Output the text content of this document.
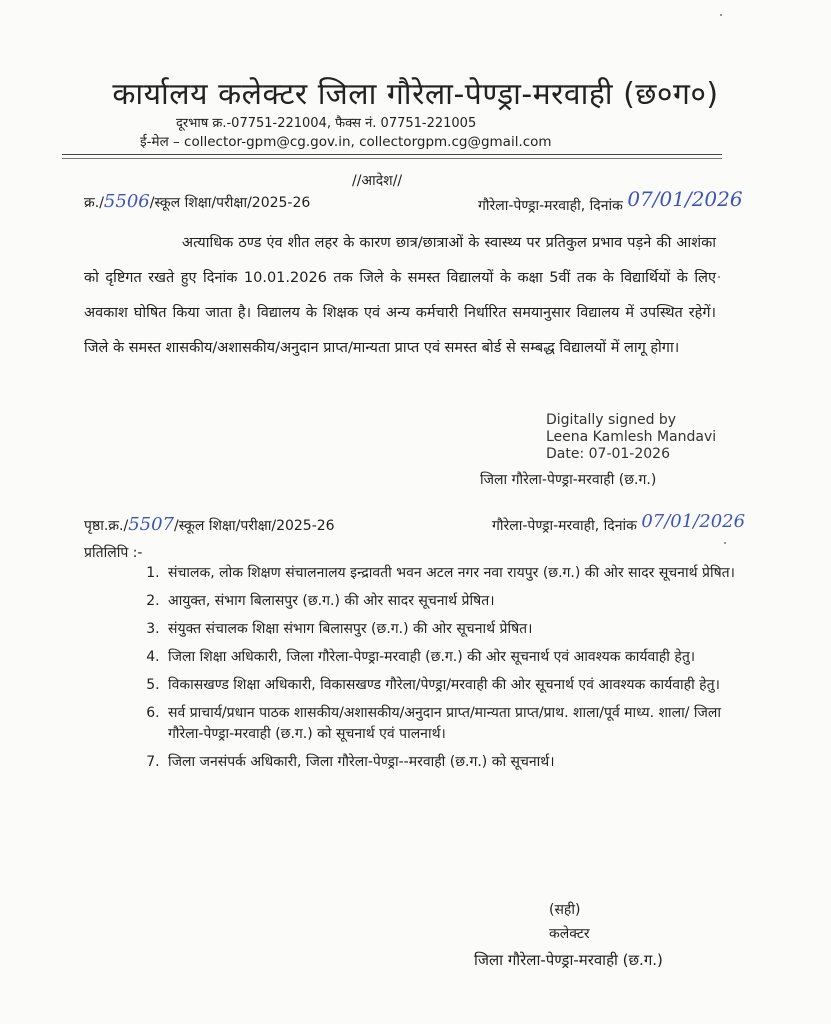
कार्यालय कलेक्टर जिला गौरेला-पेण्ड्रा-मरवाही (छ०ग०)
दूरभाष क्र.-07751-221004, फैक्स नं. 07751-221005
ई-मेल – collector-gpm@cg.gov.in, collectorgpm.cg@gmail.com
//आदेश//
क्र./5506/स्कूल शिक्षा/परीक्षा/2025-26	गौरेला-पेण्ड्रा-मरवाही, दिनांक 07/01/2026
अत्याधिक ठण्ड एंव शीत लहर के कारण छात्र/छात्राओं के स्वास्थ्य पर प्रतिकुल प्रभाव पड़ने की आशंका को दृष्टिगत रखते हुए दिनांक 10.01.2026 तक जिले के समस्त विद्यालयों के कक्षा 5वीं तक के विद्यार्थियों के लिए अवकाश घोषित किया जाता है। विद्यालय के शिक्षक एवं अन्य कर्मचारी निर्धारित समयानुसार विद्यालय में उपस्थित रहेगें। जिले के समस्त शासकीय/अशासकीय/अनुदान प्राप्त/मान्यता प्राप्त एवं समस्त बोर्ड से सम्बद्ध विद्यालयों में लागू होगा।
Digitally signed by
Leena Kamlesh Mandavi
Date: 07-01-2026
जिला गौरेला-पेण्ड्रा-मरवाही (छ.ग.)
पृष्ठा.क्र./5507/स्कूल शिक्षा/परीक्षा/2025-26	गौरेला-पेण्ड्रा-मरवाही, दिनांक 07/01/2026
प्रतिलिपि :-
1. संचालक, लोक शिक्षण संचालनालय इन्द्रावती भवन अटल नगर नवा रायपुर (छ.ग.) की ओर सादर सूचनार्थ प्रेषित।
2. आयुक्त, संभाग बिलासपुर (छ.ग.) की ओर सादर सूचनार्थ प्रेषित।
3. संयुक्त संचालक शिक्षा संभाग बिलासपुर (छ.ग.) की ओर सूचनार्थ प्रेषित।
4. जिला शिक्षा अधिकारी, जिला गौरेला-पेण्ड्रा-मरवाही (छ.ग.) की ओर सूचनार्थ एवं आवश्यक कार्यवाही हेतु।
5. विकासखण्ड शिक्षा अधिकारी, विकासखण्ड गौरेला/पेण्ड्रा/मरवाही की ओर सूचनार्थ एवं आवश्यक कार्यवाही हेतु।
6. सर्व प्राचार्य/प्रधान पाठक शासकीय/अशासकीय/अनुदान प्राप्त/मान्यता प्राप्त/प्राथ. शाला/पूर्व माध्य. शाला/ जिला गौरेला-पेण्ड्रा-मरवाही (छ.ग.) को सूचनार्थ एवं पालनार्थ।
7. जिला जनसंपर्क अधिकारी, जिला गौरेला-पेण्ड्रा--मरवाही (छ.ग.) को सूचनार्थ।
(सही)
कलेक्टर
जिला गौरेला-पेण्ड्रा-मरवाही (छ.ग.)
